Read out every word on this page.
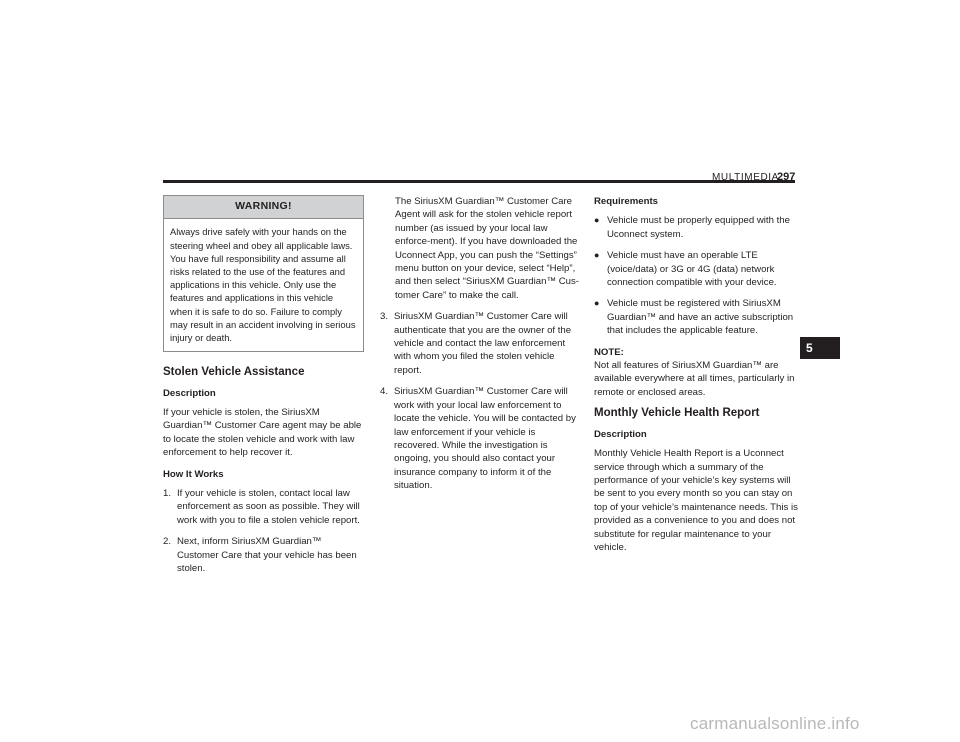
MULTIMEDIA
297
WARNING!
Always drive safely with your hands on the steering wheel and obey all applicable laws. You have full responsibility and assume all risks related to the use of the features and applications in this vehicle. Only use the features and applications in this vehicle when it is safe to do so. Failure to comply may result in an accident involving in serious injury or death.
Stolen Vehicle Assistance
Description

If your vehicle is stolen, the SiriusXM Guardian™ Customer Care agent may be able to locate the stolen vehicle and work with law enforcement to help recover it.

How It Works
1. If your vehicle is stolen, contact local law enforcement as soon as possible. They will work with you to file a stolen vehicle report.
2. Next, inform SiriusXM Guardian™ Customer Care that your vehicle has been stolen.

The SiriusXM Guardian™ Customer Care Agent will ask for the stolen vehicle report number (as issued by your local law enforce-ment). If you have downloaded the Uconnect App, you can push the “Settings” menu button on your device, select “Help”, and then select “SiriusXM Guardian™ Cus-tomer Care” to make the call.

3. SiriusXM Guardian™ Customer Care will authenticate that you are the owner of the vehicle and contact the law enforcement with whom you filed the stolen vehicle report.
4. SiriusXM Guardian™ Customer Care will work with your local law enforcement to locate the vehicle. You will be contacted by law enforcement if your vehicle is recovered. While the investigation is ongoing, you should also contact your insurance company to inform it of the situation.
Requirements
● Vehicle must be properly equipped with the Uconnect system.
● Vehicle must have an operable LTE (voice/data) or 3G or 4G (data) network connection compatible with your device.
● Vehicle must be registered with SiriusXM Guardian™ and have an active subscription that includes the applicable feature.

NOTE:

Not all features of SiriusXM Guardian™ are available everywhere at all times, particularly in remote or enclosed areas.

Monthly Vehicle Health Report
Description

Monthly Vehicle Health Report is a Uconnect service through which a summary of the performance of your vehicle’s key systems will be sent to you every month so you can stay on top of your vehicle’s maintenance needs. This is provided as a convenience to you and does not substitute for regular maintenance to your vehicle.

5
carmanualsonline.info
